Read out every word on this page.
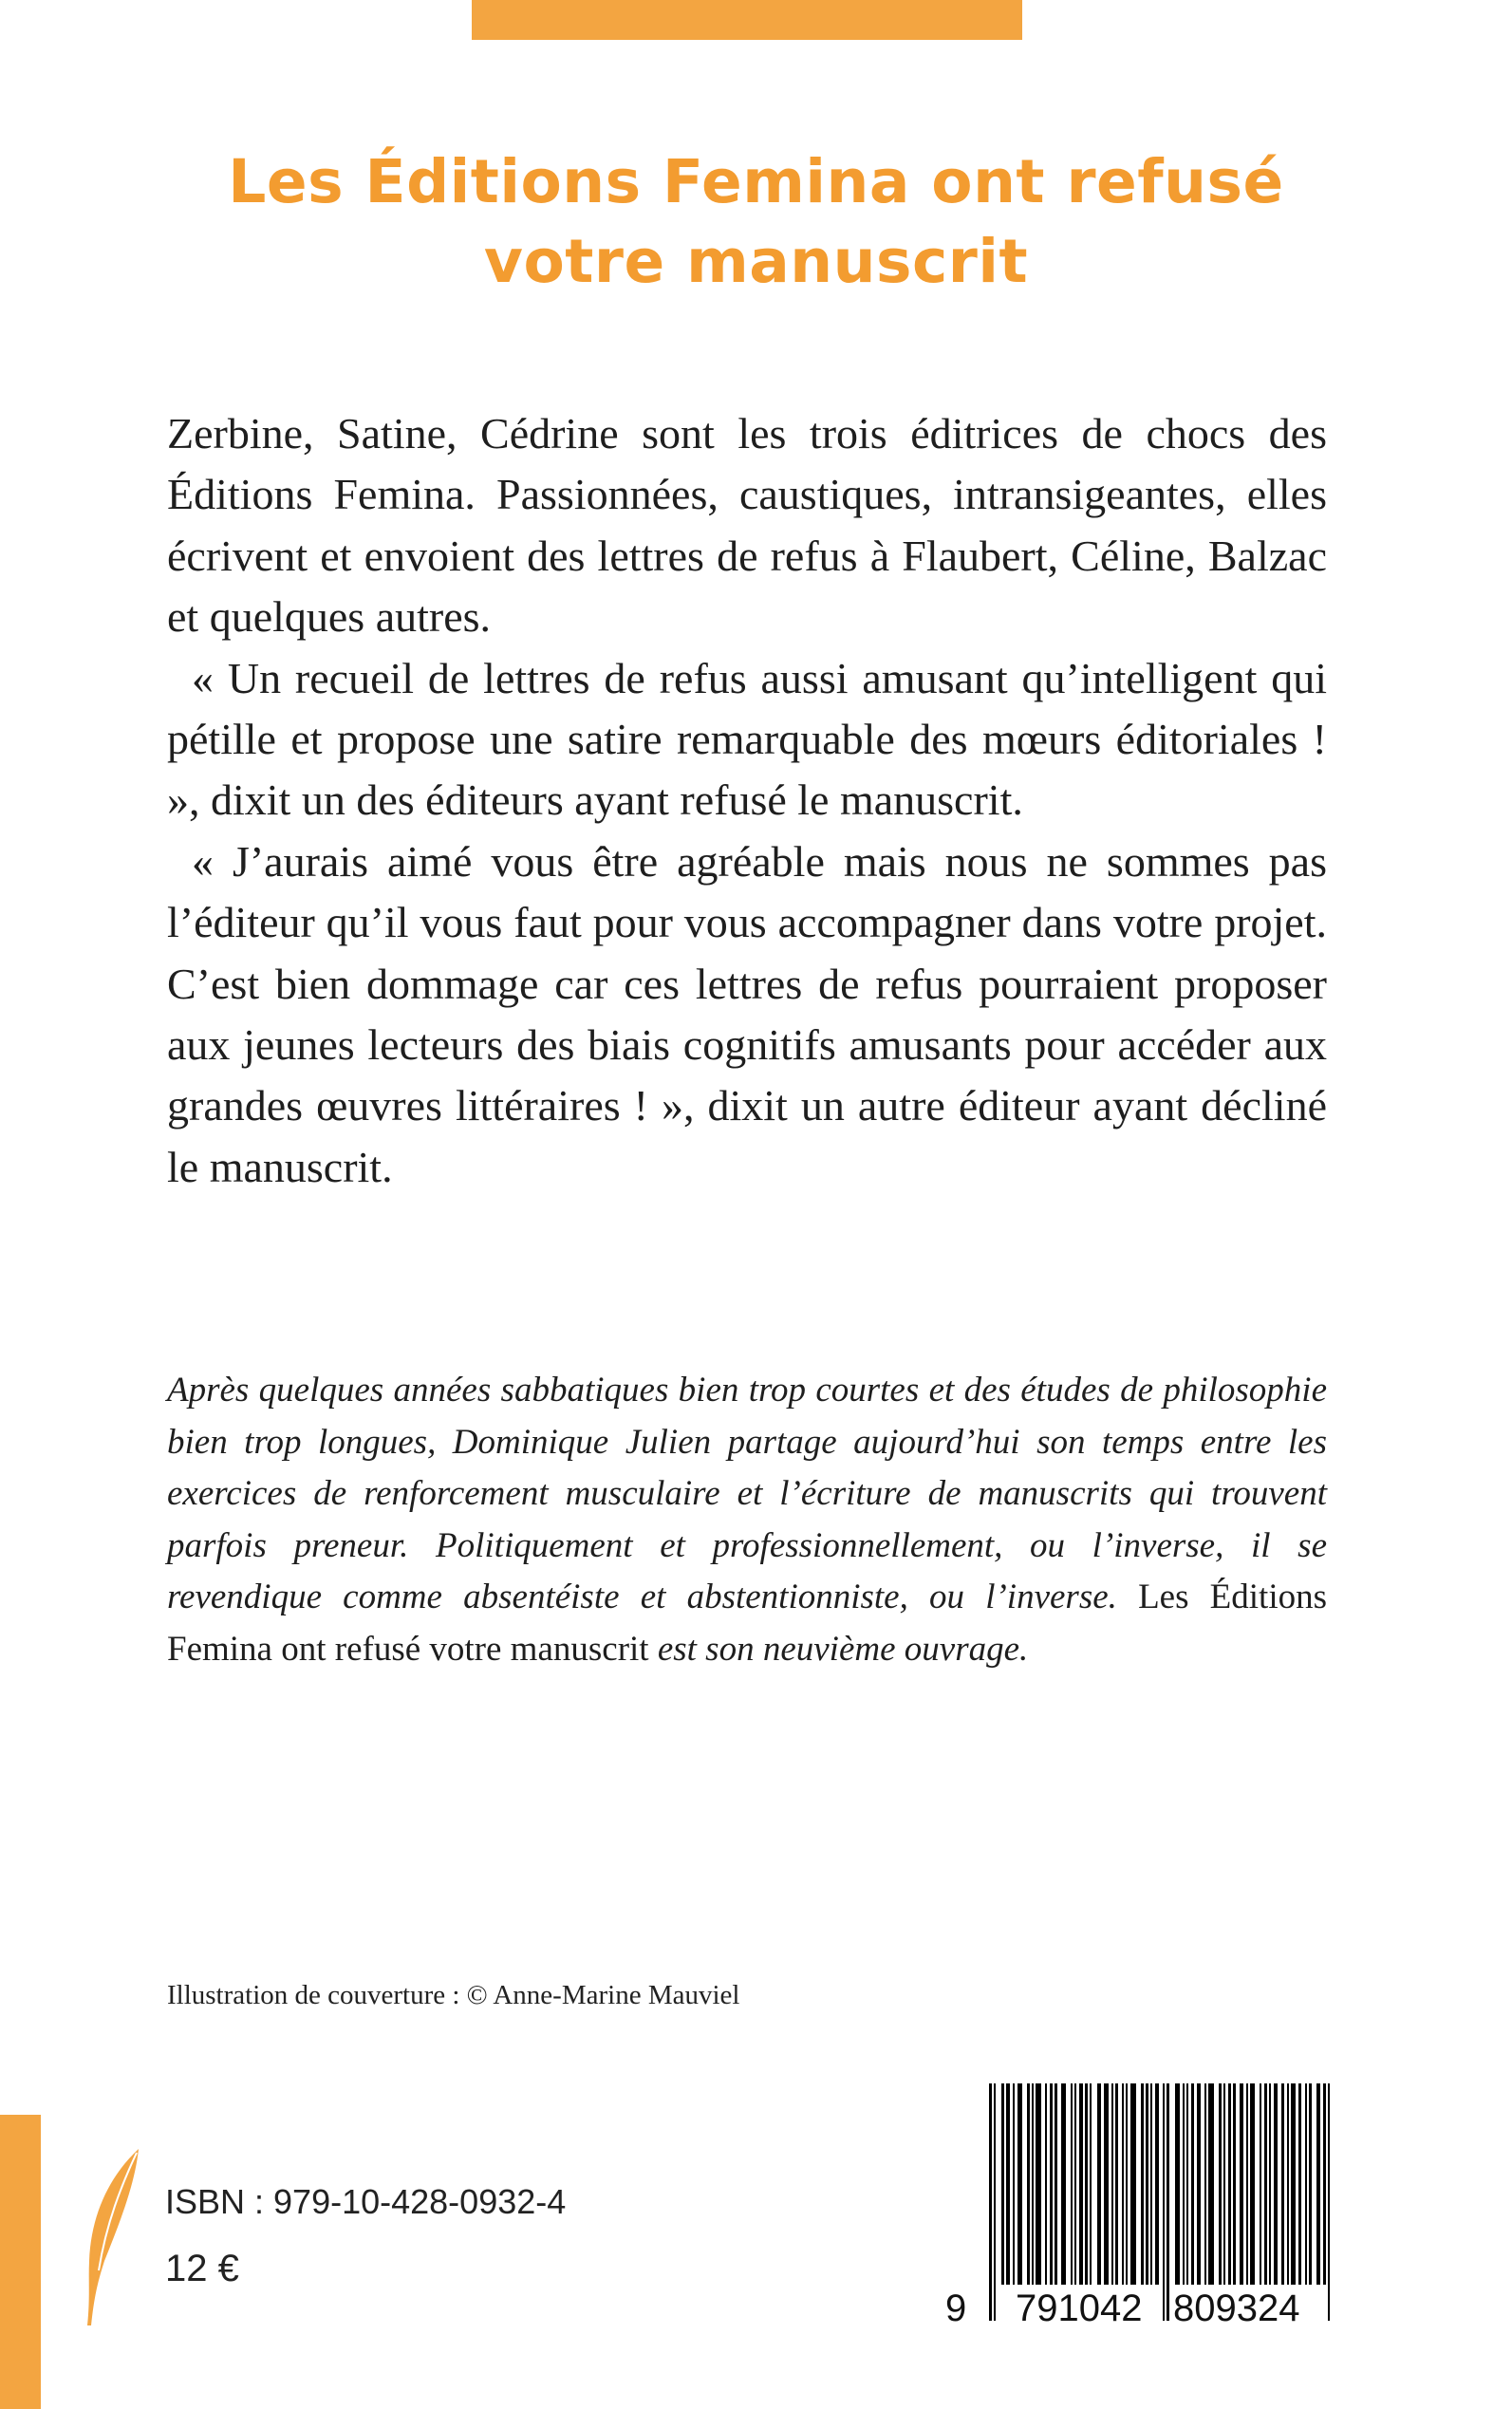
Les Éditions Femina ont refusé
votre manuscrit

Zerbine, Satine, Cédrine sont les trois éditrices de chocs des Éditions Femina. Passionnées, caustiques, intransigeantes, elles écrivent et envoient des lettres de refus à Flaubert, Céline, Balzac et quelques autres.

« Un recueil de lettres de refus aussi amusant qu’intelligent qui pétille et propose une satire remarquable des mœurs éditoriales ! », dixit un des éditeurs ayant refusé le manuscrit.

« J’aurais aimé vous être agréable mais nous ne sommes pas l’éditeur qu’il vous faut pour vous accompagner dans votre projet. C’est bien dommage car ces lettres de refus pourraient proposer aux jeunes lecteurs des biais cognitifs amusants pour accéder aux grandes œuvres littéraires ! », dixit un autre éditeur ayant décliné le manuscrit.

Après quelques années sabbatiques bien trop courtes et des études de philosophie bien trop longues, Dominique Julien partage aujourd’hui son temps entre les exercices de renforcement musculaire et l’écriture de manuscrits qui trouvent parfois preneur. Politiquement et professionnellement, ou l’inverse, il se revendique comme absentéiste et abstentionniste, ou l’inverse. Les Éditions Femina ont refusé votre manuscrit est son neuvième ouvrage.

Illustration de couverture : © Anne-Marine Mauviel
ISBN : 979-10-428-0932-4
12 €
9 791042 809324
